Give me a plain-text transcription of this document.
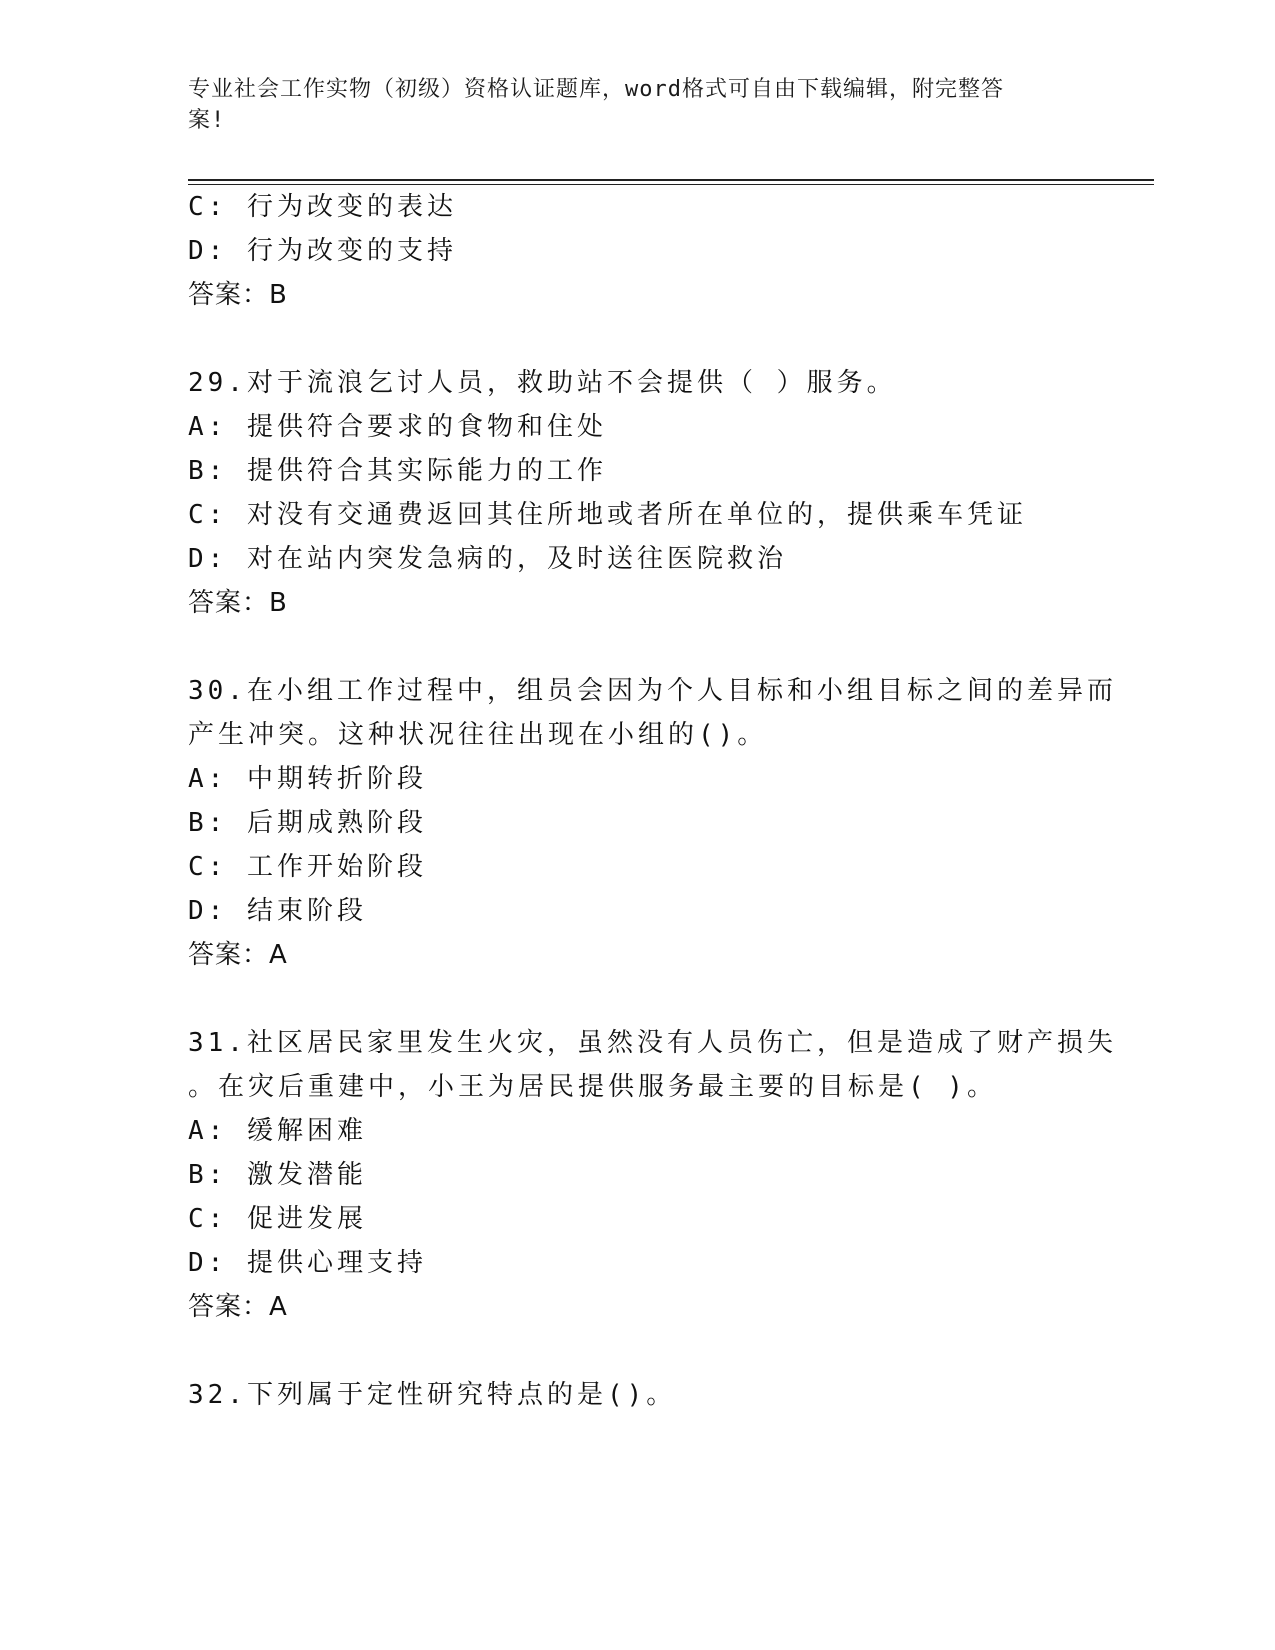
专业社会工作实物（初级）资格认证题库，word格式可自由下载编辑，附完整答
案!
C: 行为改变的表达
D: 行为改变的支持
答案：B
29.对于流浪乞讨人员，救助站不会提供（ ）服务。
A: 提供符合要求的食物和住处
B: 提供符合其实际能力的工作
C: 对没有交通费返回其住所地或者所在单位的，提供乘车凭证
D: 对在站内突发急病的，及时送往医院救治
答案：B
30.在小组工作过程中，组员会因为个人目标和小组目标之间的差异而
产生冲突。这种状况往往出现在小组的()。
A: 中期转折阶段
B: 后期成熟阶段
C: 工作开始阶段
D: 结束阶段
答案：A
31.社区居民家里发生火灾，虽然没有人员伤亡，但是造成了财产损失
。在灾后重建中，小王为居民提供服务最主要的目标是( )。
A: 缓解困难
B: 激发潜能
C: 促进发展
D: 提供心理支持
答案：A
32.下列属于定性研究特点的是()。
